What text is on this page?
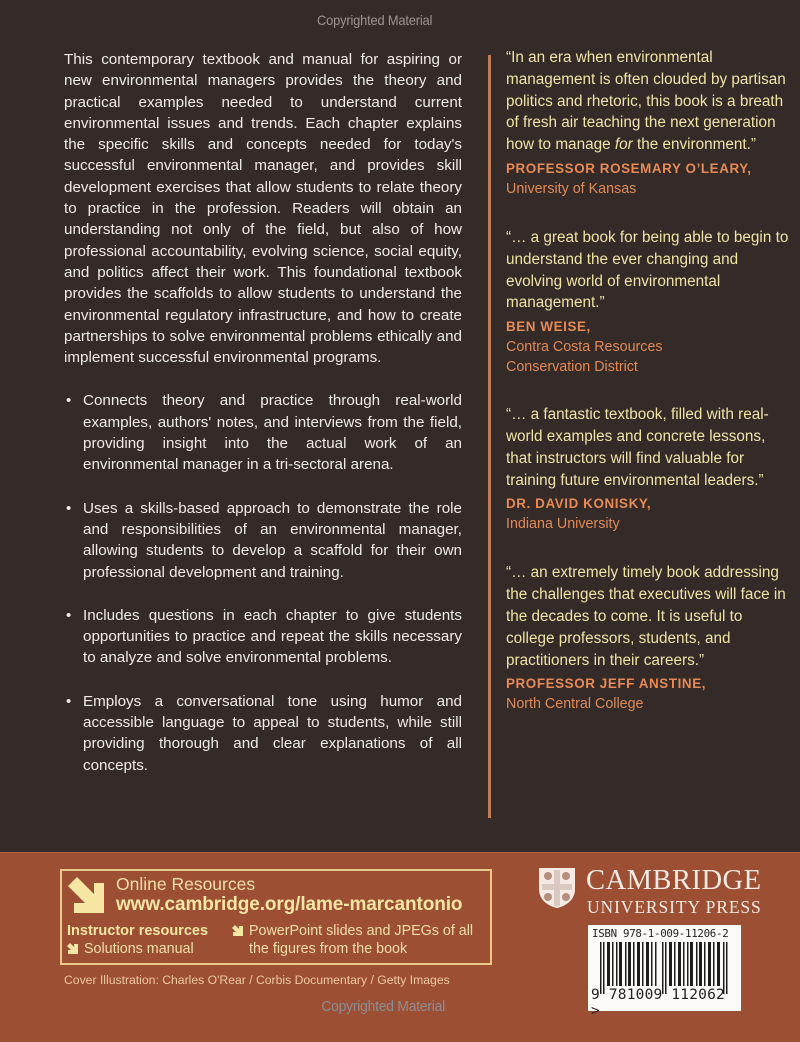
Copyrighted Material

This contemporary textbook and manual for aspiring or new environmental managers provides the theory and practical examples needed to understand current environmental issues and trends. Each chapter explains the specific skills and concepts needed for today's successful environmental manager, and provides skill development exercises that allow students to relate theory to practice in the profession. Readers will obtain an understanding not only of the field, but also of how professional accountability, evolving science, social equity, and politics affect their work. This foundational textbook provides the scaffolds to allow students to understand the environmental regulatory infrastructure, and how to create partnerships to solve environmental problems ethically and implement successful environmental programs.

• Connects theory and practice through real-world examples, authors' notes, and interviews from the field, providing insight into the actual work of an environmental manager in a tri-sectoral arena.
• Uses a skills-based approach to demonstrate the role and responsibilities of an environmental manager, allowing students to develop a scaffold for their own professional development and training.
• Includes questions in each chapter to give students opportunities to practice and repeat the skills necessary to analyze and solve environmental problems.
• Employs a conversational tone using humor and accessible language to appeal to students, while still providing thorough and clear explanations of all concepts.
“In an era when environmental management is often clouded by partisan politics and rhetoric, this book is a breath of fresh air teaching the next generation how to manage for the environment.”
PROFESSOR ROSEMARY O’LEARY, University of Kansas
“… a great book for being able to begin to understand the ever changing and evolving world of environmental management.”
BEN WEISE,
Contra Costa Resources Conservation District
“… a fantastic textbook, filled with real-world examples and concrete lessons, that instructors will find valuable for training future environmental leaders.”
DR. DAVID KONISKY,
Indiana University
“… an extremely timely book addressing the challenges that executives will face in the decades to come. It is useful to college professors, students, and practitioners in their careers.”
PROFESSOR JEFF ANSTINE,
North Central College
Online Resources
www.cambridge.org/lame-marcantonio
Instructor resources
Solutions manual
PowerPoint slides and JPEGs of all
the figures from the book
Cover Illustration: Charles O'Rear / Corbis Documentary / Getty Images
CAMBRIDGE
UNIVERSITY PRESS
ISBN 978-1-009-11206-2
9 781009 112062 >
Copyrighted Material
